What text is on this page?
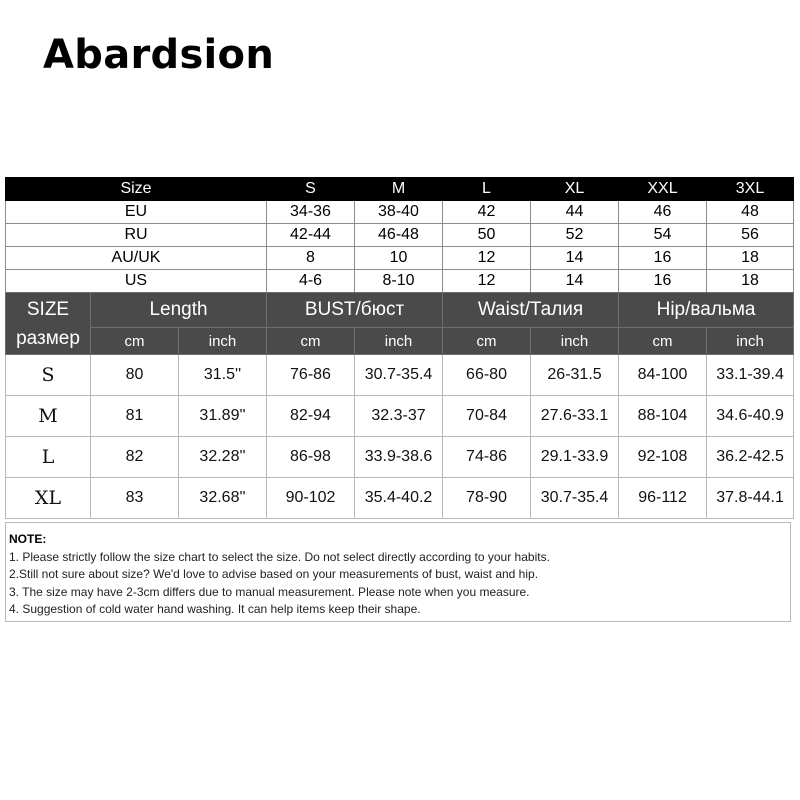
Abardsion
Size	S	M	L	XL	XXL	3XL
EU	34-36	38-40	42	44	46	48
RU	42-44	46-48	50	52	54	56
AU/UK	8	10	12	14	16	18
US	4-6	8-10	12	14	16	18
SIZE
размер	Length		BUST/бюст		Waist/Талия		Hip/вальма	
	cm	inch	cm	inch	cm	inch	cm	inch
S	80	31.5''	76-86	30.7-35.4	66-80	26-31.5	84-100	33.1-39.4
M	81	31.89''	82-94	32.3-37	70-84	27.6-33.1	88-104	34.6-40.9
L	82	32.28''	86-98	33.9-38.6	74-86	29.1-33.9	92-108	36.2-42.5
XL	83	32.68''	90-102	35.4-40.2	78-90	30.7-35.4	96-112	37.8-44.1
NOTE:
1. Please strictly follow the size chart to select the size. Do not select directly according to your habits.
2.Still not sure about size? We'd love to advise based on your measurements of bust, waist and hip.
3. The size may have 2-3cm differs due to manual measurement. Please note when you measure.
4. Suggestion of cold water hand washing. It can help items keep their shape.
